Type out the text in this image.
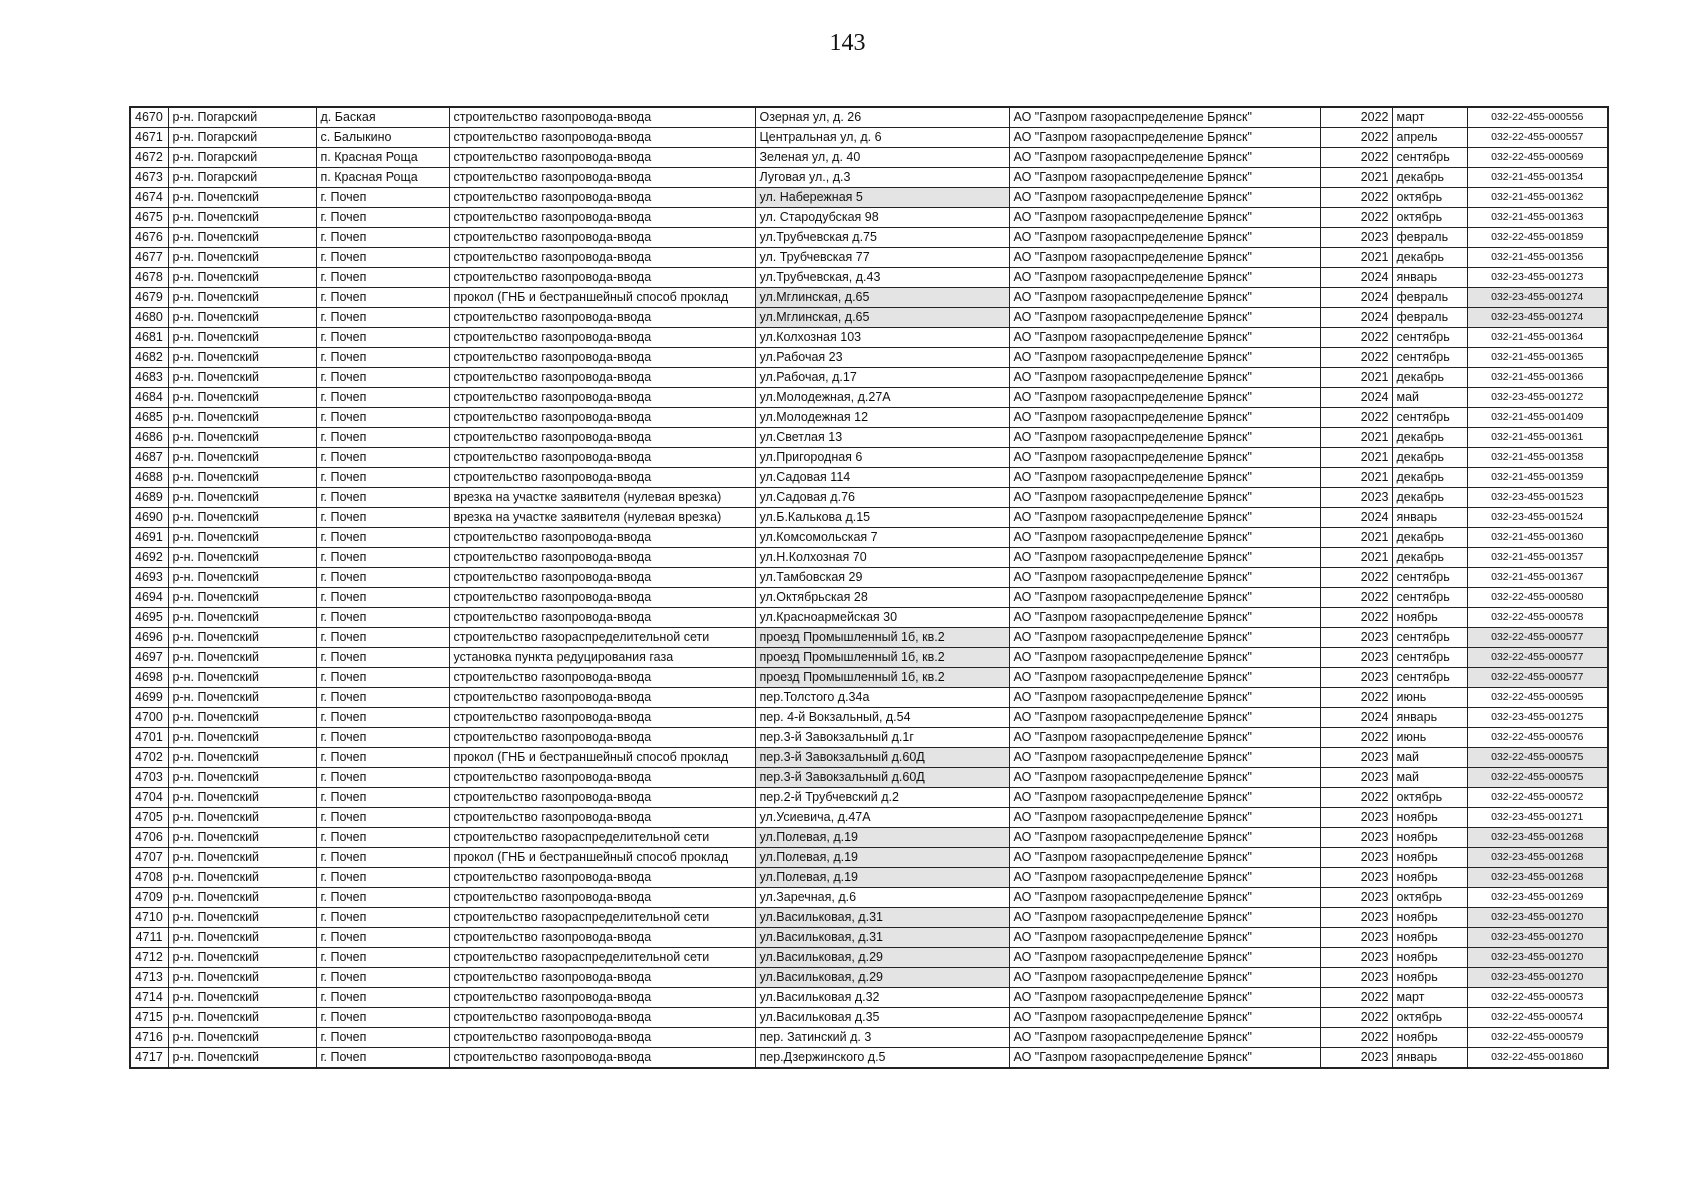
143
4670	р-н. Погарский	д. Баская	строительство газопровода-ввода	Озерная ул, д. 26	АО "Газпром газораспределение Брянск"	2022	март	032-22-455-000556
4671	р-н. Погарский	с. Балыкино	строительство газопровода-ввода	Центральная ул, д. 6	АО "Газпром газораспределение Брянск"	2022	апрель	032-22-455-000557
4672	р-н. Погарский	п. Красная Роща	строительство газопровода-ввода	Зеленая ул, д. 40	АО "Газпром газораспределение Брянск"	2022	сентябрь	032-22-455-000569
4673	р-н. Погарский	п. Красная Роща	строительство газопровода-ввода	Луговая ул., д.3	АО "Газпром газораспределение Брянск"	2021	декабрь	032-21-455-001354
4674	р-н. Почепский	г. Почеп	строительство газопровода-ввода	ул. Набережная 5	АО "Газпром газораспределение Брянск"	2022	октябрь	032-21-455-001362
4675	р-н. Почепский	г. Почеп	строительство газопровода-ввода	ул. Стародубская 98	АО "Газпром газораспределение Брянск"	2022	октябрь	032-21-455-001363
4676	р-н. Почепский	г. Почеп	строительство газопровода-ввода	ул.Трубчевская д.75	АО "Газпром газораспределение Брянск"	2023	февраль	032-22-455-001859
4677	р-н. Почепский	г. Почеп	строительство газопровода-ввода	ул. Трубчевская 77	АО "Газпром газораспределение Брянск"	2021	декабрь	032-21-455-001356
4678	р-н. Почепский	г. Почеп	строительство газопровода-ввода	ул.Трубчевская, д.43	АО "Газпром газораспределение Брянск"	2024	январь	032-23-455-001273
4679	р-н. Почепский	г. Почеп	прокол (ГНБ и бестраншейный способ проклад	ул.Мглинская, д.65	АО "Газпром газораспределение Брянск"	2024	февраль	032-23-455-001274
4680	р-н. Почепский	г. Почеп	строительство газопровода-ввода	ул.Мглинская, д.65	АО "Газпром газораспределение Брянск"	2024	февраль	032-23-455-001274
4681	р-н. Почепский	г. Почеп	строительство газопровода-ввода	ул.Колхозная 103	АО "Газпром газораспределение Брянск"	2022	сентябрь	032-21-455-001364
4682	р-н. Почепский	г. Почеп	строительство газопровода-ввода	ул.Рабочая 23	АО "Газпром газораспределение Брянск"	2022	сентябрь	032-21-455-001365
4683	р-н. Почепский	г. Почеп	строительство газопровода-ввода	ул.Рабочая, д.17	АО "Газпром газораспределение Брянск"	2021	декабрь	032-21-455-001366
4684	р-н. Почепский	г. Почеп	строительство газопровода-ввода	ул.Молодежная, д.27А	АО "Газпром газораспределение Брянск"	2024	май	032-23-455-001272
4685	р-н. Почепский	г. Почеп	строительство газопровода-ввода	ул.Молодежная 12	АО "Газпром газораспределение Брянск"	2022	сентябрь	032-21-455-001409
4686	р-н. Почепский	г. Почеп	строительство газопровода-ввода	ул.Светлая 13	АО "Газпром газораспределение Брянск"	2021	декабрь	032-21-455-001361
4687	р-н. Почепский	г. Почеп	строительство газопровода-ввода	ул.Пригородная 6	АО "Газпром газораспределение Брянск"	2021	декабрь	032-21-455-001358
4688	р-н. Почепский	г. Почеп	строительство газопровода-ввода	ул.Садовая 114	АО "Газпром газораспределение Брянск"	2021	декабрь	032-21-455-001359
4689	р-н. Почепский	г. Почеп	врезка на участке заявителя (нулевая врезка)	ул.Садовая д.76	АО "Газпром газораспределение Брянск"	2023	декабрь	032-23-455-001523
4690	р-н. Почепский	г. Почеп	врезка на участке заявителя (нулевая врезка)	ул.Б.Калькова д.15	АО "Газпром газораспределение Брянск"	2024	январь	032-23-455-001524
4691	р-н. Почепский	г. Почеп	строительство газопровода-ввода	ул.Комсомольская 7	АО "Газпром газораспределение Брянск"	2021	декабрь	032-21-455-001360
4692	р-н. Почепский	г. Почеп	строительство газопровода-ввода	ул.Н.Колхозная 70	АО "Газпром газораспределение Брянск"	2021	декабрь	032-21-455-001357
4693	р-н. Почепский	г. Почеп	строительство газопровода-ввода	ул.Тамбовская 29	АО "Газпром газораспределение Брянск"	2022	сентябрь	032-21-455-001367
4694	р-н. Почепский	г. Почеп	строительство газопровода-ввода	ул.Октябрьская 28	АО "Газпром газораспределение Брянск"	2022	сентябрь	032-22-455-000580
4695	р-н. Почепский	г. Почеп	строительство газопровода-ввода	ул.Красноармейская 30	АО "Газпром газораспределение Брянск"	2022	ноябрь	032-22-455-000578
4696	р-н. Почепский	г. Почеп	строительство газораспределительной сети	проезд Промышленный 1б, кв.2	АО "Газпром газораспределение Брянск"	2023	сентябрь	032-22-455-000577
4697	р-н. Почепский	г. Почеп	установка пункта редуцирования газа	проезд Промышленный 1б, кв.2	АО "Газпром газораспределение Брянск"	2023	сентябрь	032-22-455-000577
4698	р-н. Почепский	г. Почеп	строительство газопровода-ввода	проезд Промышленный 1б, кв.2	АО "Газпром газораспределение Брянск"	2023	сентябрь	032-22-455-000577
4699	р-н. Почепский	г. Почеп	строительство газопровода-ввода	пер.Толстого д.34а	АО "Газпром газораспределение Брянск"	2022	июнь	032-22-455-000595
4700	р-н. Почепский	г. Почеп	строительство газопровода-ввода	пер. 4-й Вокзальный, д.54	АО "Газпром газораспределение Брянск"	2024	январь	032-23-455-001275
4701	р-н. Почепский	г. Почеп	строительство газопровода-ввода	пер.3-й Завокзальный д.1г	АО "Газпром газораспределение Брянск"	2022	июнь	032-22-455-000576
4702	р-н. Почепский	г. Почеп	прокол (ГНБ и бестраншейный способ проклад	пер.3-й Завокзальный д.60Д	АО "Газпром газораспределение Брянск"	2023	май	032-22-455-000575
4703	р-н. Почепский	г. Почеп	строительство газопровода-ввода	пер.3-й Завокзальный д.60Д	АО "Газпром газораспределение Брянск"	2023	май	032-22-455-000575
4704	р-н. Почепский	г. Почеп	строительство газопровода-ввода	пер.2-й Трубчевский д.2	АО "Газпром газораспределение Брянск"	2022	октябрь	032-22-455-000572
4705	р-н. Почепский	г. Почеп	строительство газопровода-ввода	ул.Усиевича, д.47А	АО "Газпром газораспределение Брянск"	2023	ноябрь	032-23-455-001271
4706	р-н. Почепский	г. Почеп	строительство газораспределительной сети	ул.Полевая, д.19	АО "Газпром газораспределение Брянск"	2023	ноябрь	032-23-455-001268
4707	р-н. Почепский	г. Почеп	прокол (ГНБ и бестраншейный способ проклад	ул.Полевая, д.19	АО "Газпром газораспределение Брянск"	2023	ноябрь	032-23-455-001268
4708	р-н. Почепский	г. Почеп	строительство газопровода-ввода	ул.Полевая, д.19	АО "Газпром газораспределение Брянск"	2023	ноябрь	032-23-455-001268
4709	р-н. Почепский	г. Почеп	строительство газопровода-ввода	ул.Заречная, д.6	АО "Газпром газораспределение Брянск"	2023	октябрь	032-23-455-001269
4710	р-н. Почепский	г. Почеп	строительство газораспределительной сети	ул.Васильковая, д.31	АО "Газпром газораспределение Брянск"	2023	ноябрь	032-23-455-001270
4711	р-н. Почепский	г. Почеп	строительство газопровода-ввода	ул.Васильковая, д.31	АО "Газпром газораспределение Брянск"	2023	ноябрь	032-23-455-001270
4712	р-н. Почепский	г. Почеп	строительство газораспределительной сети	ул.Васильковая, д.29	АО "Газпром газораспределение Брянск"	2023	ноябрь	032-23-455-001270
4713	р-н. Почепский	г. Почеп	строительство газопровода-ввода	ул.Васильковая, д.29	АО "Газпром газораспределение Брянск"	2023	ноябрь	032-23-455-001270
4714	р-н. Почепский	г. Почеп	строительство газопровода-ввода	ул.Васильковая д.32	АО "Газпром газораспределение Брянск"	2022	март	032-22-455-000573
4715	р-н. Почепский	г. Почеп	строительство газопровода-ввода	ул.Васильковая д.35	АО "Газпром газораспределение Брянск"	2022	октябрь	032-22-455-000574
4716	р-н. Почепский	г. Почеп	строительство газопровода-ввода	пер. Затинский д. 3	АО "Газпром газораспределение Брянск"	2022	ноябрь	032-22-455-000579
4717	р-н. Почепский	г. Почеп	строительство газопровода-ввода	пер.Дзержинского д.5	АО "Газпром газораспределение Брянск"	2023	январь	032-22-455-001860
